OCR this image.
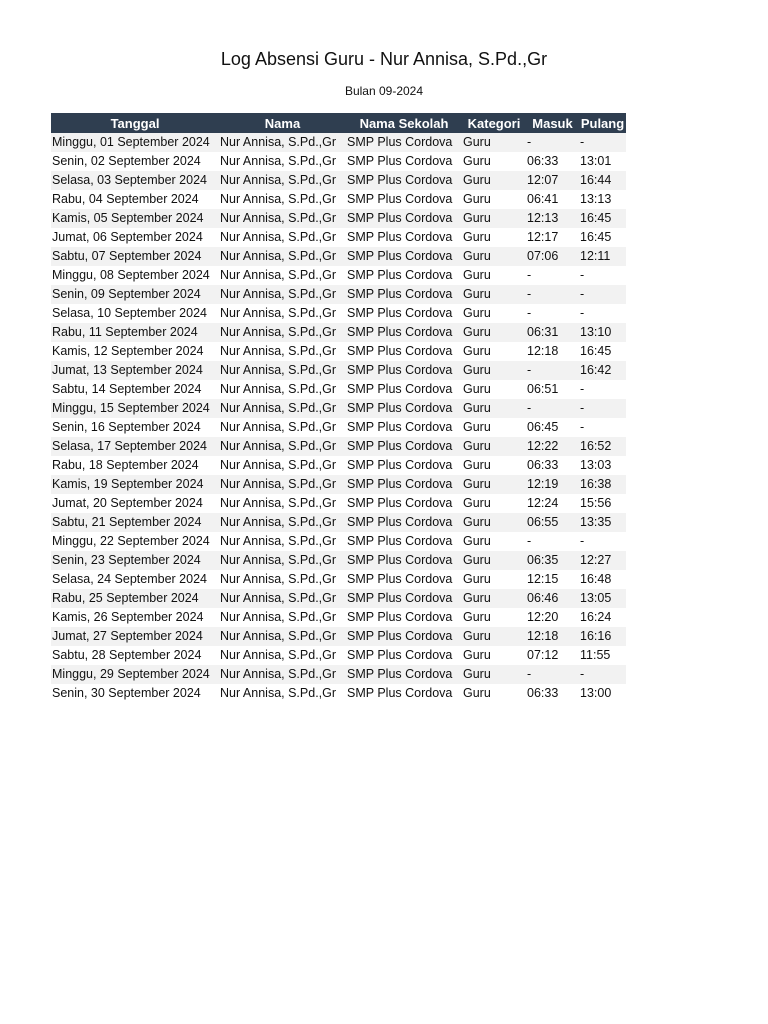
Log Absensi Guru - Nur Annisa, S.Pd.,Gr
Bulan 09-2024
Tanggal	Nama	Nama Sekolah	Kategori	Masuk	Pulang
Minggu, 01 September 2024	Nur Annisa, S.Pd.,Gr	SMP Plus Cordova	Guru	-	-
Senin, 02 September 2024	Nur Annisa, S.Pd.,Gr	SMP Plus Cordova	Guru	06:33	13:01
Selasa, 03 September 2024	Nur Annisa, S.Pd.,Gr	SMP Plus Cordova	Guru	12:07	16:44
Rabu, 04 September 2024	Nur Annisa, S.Pd.,Gr	SMP Plus Cordova	Guru	06:41	13:13
Kamis, 05 September 2024	Nur Annisa, S.Pd.,Gr	SMP Plus Cordova	Guru	12:13	16:45
Jumat, 06 September 2024	Nur Annisa, S.Pd.,Gr	SMP Plus Cordova	Guru	12:17	16:45
Sabtu, 07 September 2024	Nur Annisa, S.Pd.,Gr	SMP Plus Cordova	Guru	07:06	12:11
Minggu, 08 September 2024	Nur Annisa, S.Pd.,Gr	SMP Plus Cordova	Guru	-	-
Senin, 09 September 2024	Nur Annisa, S.Pd.,Gr	SMP Plus Cordova	Guru	-	-
Selasa, 10 September 2024	Nur Annisa, S.Pd.,Gr	SMP Plus Cordova	Guru	-	-
Rabu, 11 September 2024	Nur Annisa, S.Pd.,Gr	SMP Plus Cordova	Guru	06:31	13:10
Kamis, 12 September 2024	Nur Annisa, S.Pd.,Gr	SMP Plus Cordova	Guru	12:18	16:45
Jumat, 13 September 2024	Nur Annisa, S.Pd.,Gr	SMP Plus Cordova	Guru	-	16:42
Sabtu, 14 September 2024	Nur Annisa, S.Pd.,Gr	SMP Plus Cordova	Guru	06:51	-
Minggu, 15 September 2024	Nur Annisa, S.Pd.,Gr	SMP Plus Cordova	Guru	-	-
Senin, 16 September 2024	Nur Annisa, S.Pd.,Gr	SMP Plus Cordova	Guru	06:45	-
Selasa, 17 September 2024	Nur Annisa, S.Pd.,Gr	SMP Plus Cordova	Guru	12:22	16:52
Rabu, 18 September 2024	Nur Annisa, S.Pd.,Gr	SMP Plus Cordova	Guru	06:33	13:03
Kamis, 19 September 2024	Nur Annisa, S.Pd.,Gr	SMP Plus Cordova	Guru	12:19	16:38
Jumat, 20 September 2024	Nur Annisa, S.Pd.,Gr	SMP Plus Cordova	Guru	12:24	15:56
Sabtu, 21 September 2024	Nur Annisa, S.Pd.,Gr	SMP Plus Cordova	Guru	06:55	13:35
Minggu, 22 September 2024	Nur Annisa, S.Pd.,Gr	SMP Plus Cordova	Guru	-	-
Senin, 23 September 2024	Nur Annisa, S.Pd.,Gr	SMP Plus Cordova	Guru	06:35	12:27
Selasa, 24 September 2024	Nur Annisa, S.Pd.,Gr	SMP Plus Cordova	Guru	12:15	16:48
Rabu, 25 September 2024	Nur Annisa, S.Pd.,Gr	SMP Plus Cordova	Guru	06:46	13:05
Kamis, 26 September 2024	Nur Annisa, S.Pd.,Gr	SMP Plus Cordova	Guru	12:20	16:24
Jumat, 27 September 2024	Nur Annisa, S.Pd.,Gr	SMP Plus Cordova	Guru	12:18	16:16
Sabtu, 28 September 2024	Nur Annisa, S.Pd.,Gr	SMP Plus Cordova	Guru	07:12	11:55
Minggu, 29 September 2024	Nur Annisa, S.Pd.,Gr	SMP Plus Cordova	Guru	-	-
Senin, 30 September 2024	Nur Annisa, S.Pd.,Gr	SMP Plus Cordova	Guru	06:33	13:00
